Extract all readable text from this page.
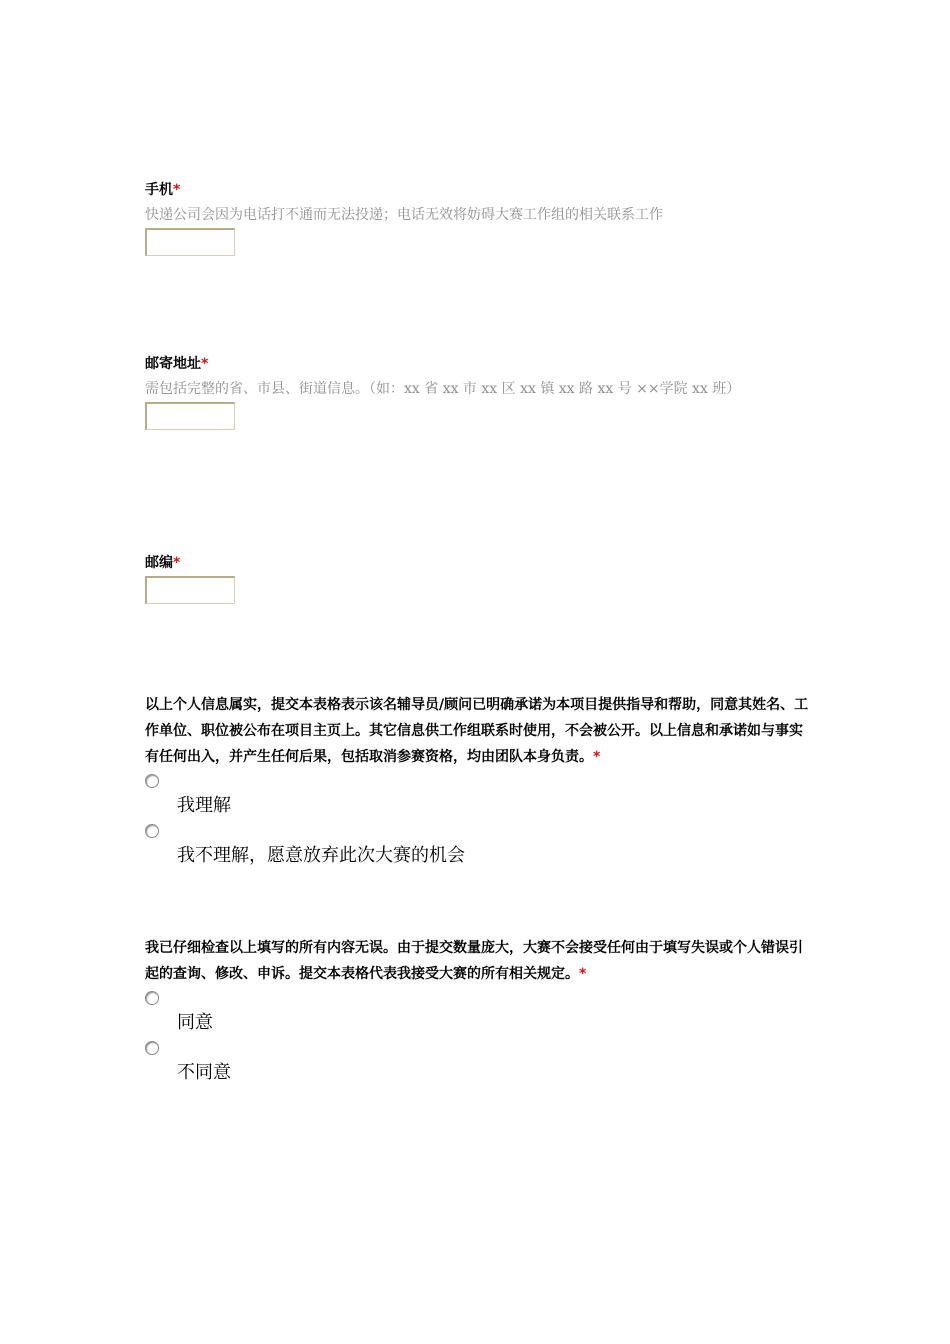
手机*

快递公司会因为电话打不通而无法投递；电话无效将妨碍大赛工作组的相关联系工作

邮寄地址*

需包括完整的省、市县、街道信息。（如：xx 省 xx 市 xx 区 xx 镇 xx 路 xx 号 ××学院 xx 班）

邮编*

以上个人信息属实，提交本表格表示该名辅导员/顾问已明确承诺为本项目提供指导和帮助，同意其姓名、工作单位、职位被公布在项目主页上。其它信息供工作组联系时使用，不会被公开。以上信息和承诺如与事实有任何出入，并产生任何后果，包括取消参赛资格，均由团队本身负责。*

我理解
我不理解，愿意放弃此次大赛的机会

我已仔细检查以上填写的所有内容无误。由于提交数量庞大，大赛不会接受任何由于填写失误或个人错误引起的查询、修改、申诉。提交本表格代表我接受大赛的所有相关规定。*

同意
不同意
